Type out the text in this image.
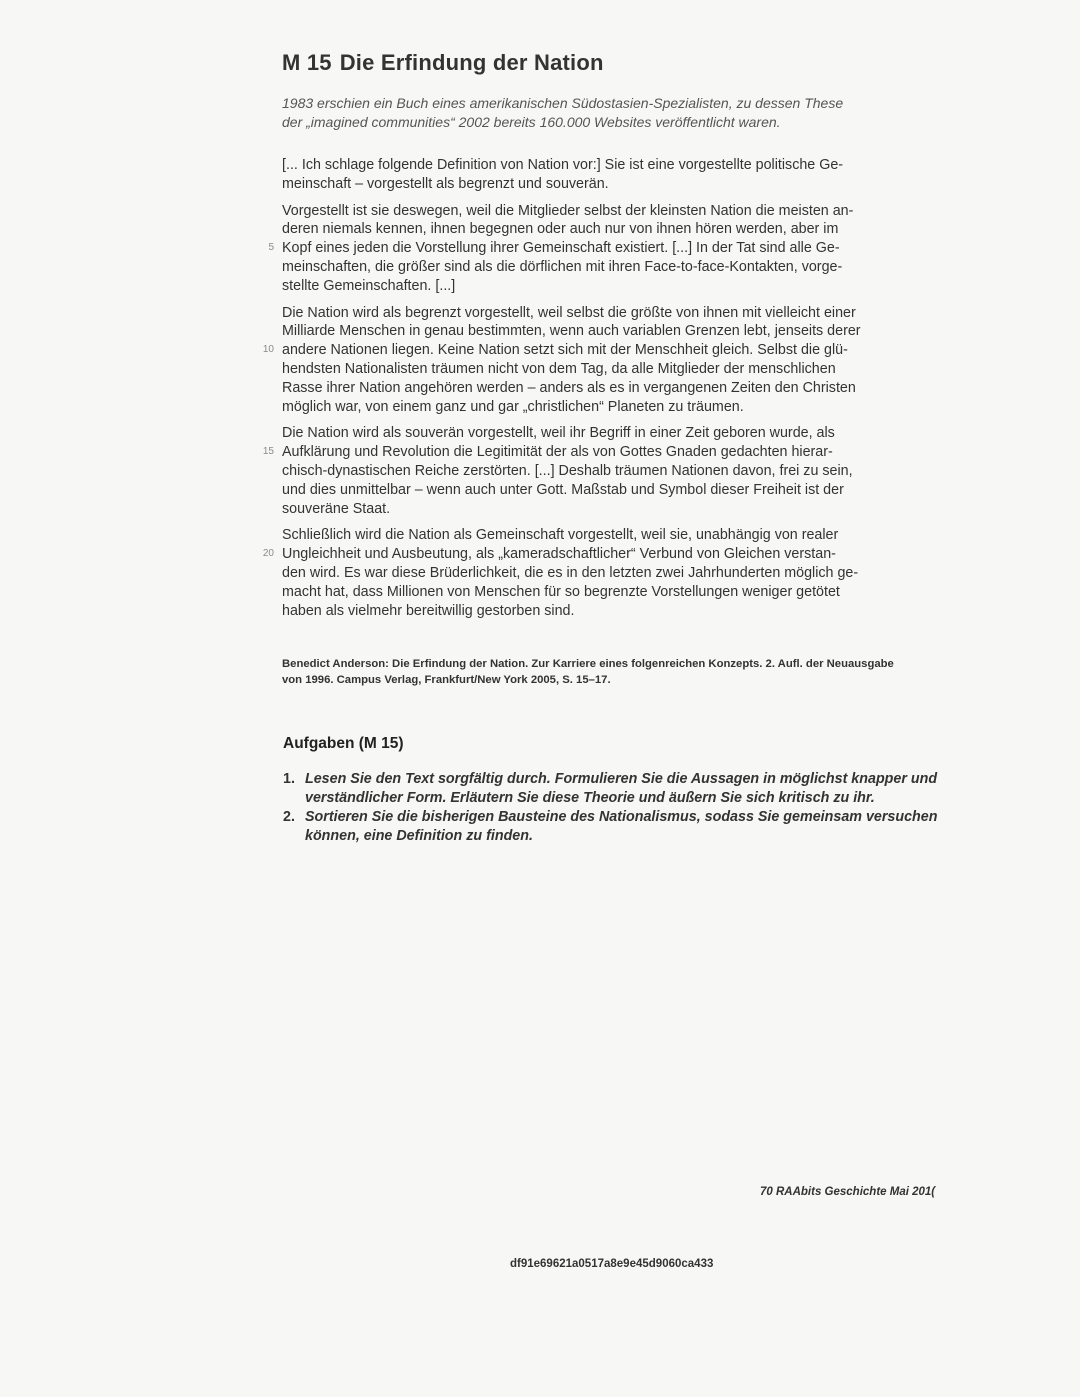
M 15 Die Erfindung der Nation

1983 erschien ein Buch eines amerikanischen Südostasien-Spezialisten, zu dessen These

der „imagined communities“ 2002 bereits 160.000 Websites veröffentlicht waren.

[... Ich schlage folgende Definition von Nation vor:] Sie ist eine vorgestellte politische Ge-
meinschaft – vorgestellt als begrenzt und souverän.

Vorgestellt ist sie deswegen, weil die Mitglieder selbst der kleinsten Nation die meisten an-
deren niemals kennen, ihnen begegnen oder auch nur von ihnen hören werden, aber im
5 Kopf eines jeden die Vorstellung ihrer Gemeinschaft existiert. [...] In der Tat sind alle Ge-
meinschaften, die größer sind als die dörflichen mit ihren Face-to-face-Kontakten, vorge-
stellte Gemeinschaften. [...]

Die Nation wird als begrenzt vorgestellt, weil selbst die größte von ihnen mit vielleicht einer
Milliarde Menschen in genau bestimmten, wenn auch variablen Grenzen lebt, jenseits derer
10 andere Nationen liegen. Keine Nation setzt sich mit der Menschheit gleich. Selbst die glü-
hendsten Nationalisten träumen nicht von dem Tag, da alle Mitglieder der menschlichen
Rasse ihrer Nation angehören werden – anders als es in vergangenen Zeiten den Christen
möglich war, von einem ganz und gar „christlichen“ Planeten zu träumen.

Die Nation wird als souverän vorgestellt, weil ihr Begriff in einer Zeit geboren wurde, als
15 Aufklärung und Revolution die Legitimität der als von Gottes Gnaden gedachten hierar-
chisch-dynastischen Reiche zerstörten. [...] Deshalb träumen Nationen davon, frei zu sein,
und dies unmittelbar – wenn auch unter Gott. Maßstab und Symbol dieser Freiheit ist der
souveräne Staat.

Schließlich wird die Nation als Gemeinschaft vorgestellt, weil sie, unabhängig von realer
20 Ungleichheit und Ausbeutung, als „kameradschaftlicher“ Verbund von Gleichen verstan-
den wird. Es war diese Brüderlichkeit, die es in den letzten zwei Jahrhunderten möglich ge-
macht hat, dass Millionen von Menschen für so begrenzte Vorstellungen weniger getötet
haben als vielmehr bereitwillig gestorben sind.

Benedict Anderson: Die Erfindung der Nation. Zur Karriere eines folgenreichen Konzepts. 2. Aufl. der Neuausgabe

von 1996. Campus Verlag, Frankfurt/New York 2005, S. 15–17.

Aufgaben (M 15)

1. Lesen Sie den Text sorgfältig durch. Formulieren Sie die Aussagen in möglichst knapper und verständlicher Form. Erläutern Sie diese Theorie und äußern Sie sich kritisch zu ihr.

2. Sortieren Sie die bisherigen Bausteine des Nationalismus, sodass Sie gemeinsam versuchen können, eine Definition zu finden.

70 RAAbits Geschichte Mai 201(
df91e69621a0517a8e9e45d9060ca433
